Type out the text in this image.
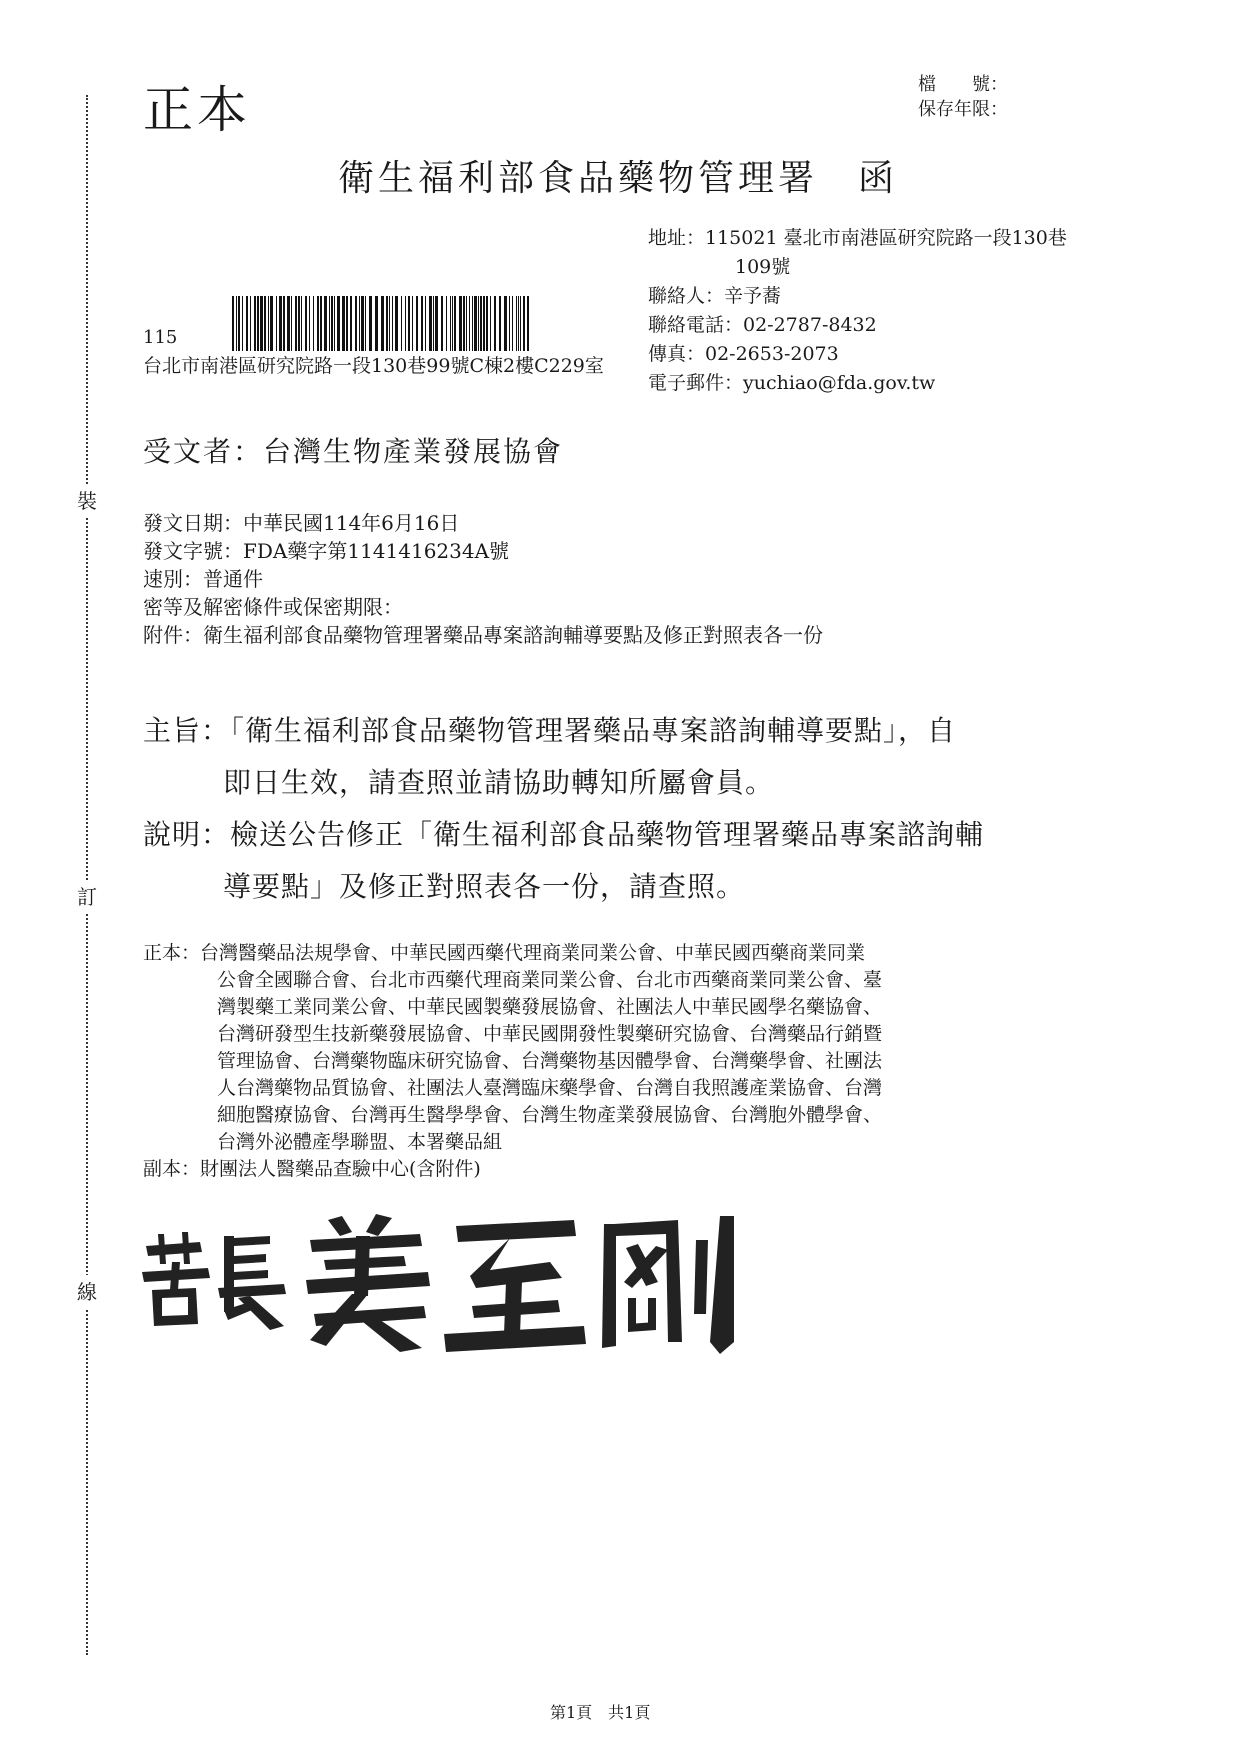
裝
訂
線
正本	檔　　號：
保存年限：
衛生福利部食品藥物管理署　函
地址：115021 臺北市南港區研究院路一段130巷
109號
聯絡人：辛予蕎
聯絡電話：02-2787-8432
傳真：02-2653-2073
電子郵件：yuchiao@fda.gov.tw
115
台北市南港區研究院路一段130巷99號C棟2樓C229室
受文者：台灣生物產業發展協會
發文日期：中華民國114年6月16日
發文字號：FDA藥字第1141416234A號
速別：普通件
密等及解密條件或保密期限：
附件：衛生福利部食品藥物管理署藥品專案諮詢輔導要點及修正對照表各一份
主旨：「衛生福利部食品藥物管理署藥品專案諮詢輔導要點」，自
即日生效，請查照並請協助轉知所屬會員。
說明：檢送公告修正「衛生福利部食品藥物管理署藥品專案諮詢輔
導要點」及修正對照表各一份，請查照。
正本：台灣醫藥品法規學會、中華民國西藥代理商業同業公會、中華民國西藥商業同業
公會全國聯合會、台北市西藥代理商業同業公會、台北市西藥商業同業公會、臺
灣製藥工業同業公會、中華民國製藥發展協會、社團法人中華民國學名藥協會、
台灣研發型生技新藥發展協會、中華民國開發性製藥研究協會、台灣藥品行銷暨
管理協會、台灣藥物臨床研究協會、台灣藥物基因體學會、台灣藥學會、社團法
人台灣藥物品質協會、社團法人臺灣臨床藥學會、台灣自我照護產業協會、台灣
細胞醫療協會、台灣再生醫學學會、台灣生物產業發展協會、台灣胞外體學會、
台灣外泌體產學聯盟、本署藥品組
副本：財團法人醫藥品查驗中心(含附件)
第1頁　共1頁
